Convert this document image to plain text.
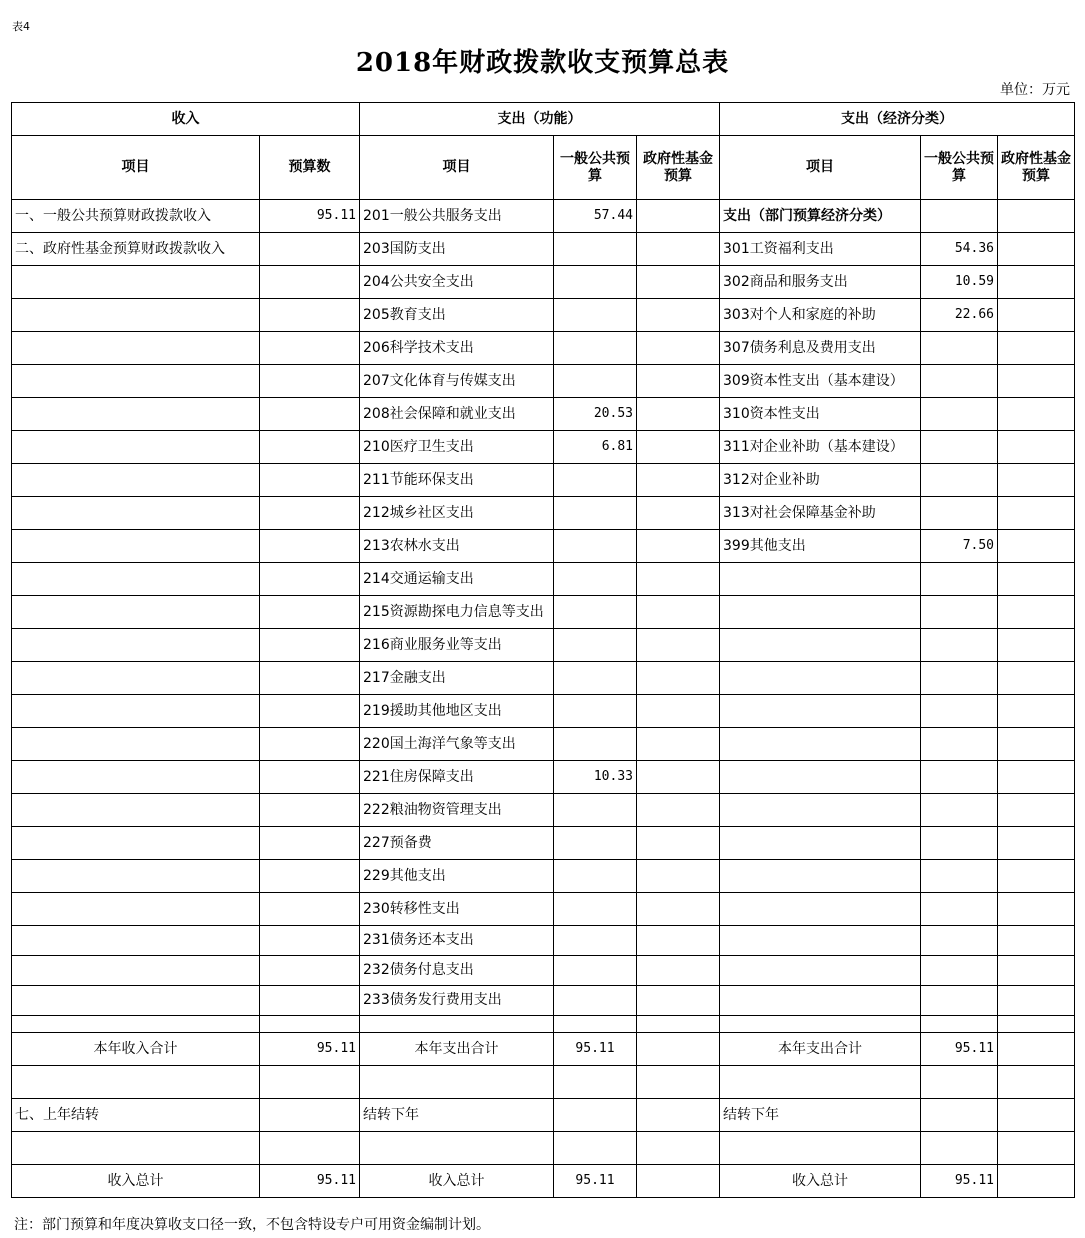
表4
2018年财政拨款收支预算总表
单位：万元
收入		支出（功能）			支出（经济分类）		
项目	预算数	项目	一般公共预算	政府性基金预算	项目	一般公共预算	政府性基金预算
一、一般公共预算财政拨款收入	95.11	201一般公共服务支出	57.44		支出（部门预算经济分类）		
二、政府性基金预算财政拨款收入		203国防支出			301工资福利支出	54.36	
		204公共安全支出			302商品和服务支出	10.59	
		205教育支出			303对个人和家庭的补助	22.66	
		206科学技术支出			307债务利息及费用支出		
		207文化体育与传媒支出			309资本性支出（基本建设）		
		208社会保障和就业支出	20.53		310资本性支出		
		210医疗卫生支出	6.81		311对企业补助（基本建设）		
		211节能环保支出			312对企业补助		
		212城乡社区支出			313对社会保障基金补助		
		213农林水支出			399其他支出	7.50	
		214交通运输支出					
		215资源勘探电力信息等支出					
		216商业服务业等支出					
		217金融支出					
		219援助其他地区支出					
		220国土海洋气象等支出					
		221住房保障支出	10.33				
		222粮油物资管理支出					
		227预备费					
		229其他支出					
		230转移性支出					
		231债务还本支出					
		232债务付息支出					
		233债务发行费用支出					

本年收入合计	95.11	本年支出合计	95.11		本年支出合计	95.11	

七、上年结转		结转下年			结转下年		

收入总计	95.11	收入总计	95.11		收入总计	95.11	
注：部门预算和年度决算收支口径一致，不包含特设专户可用资金编制计划。
